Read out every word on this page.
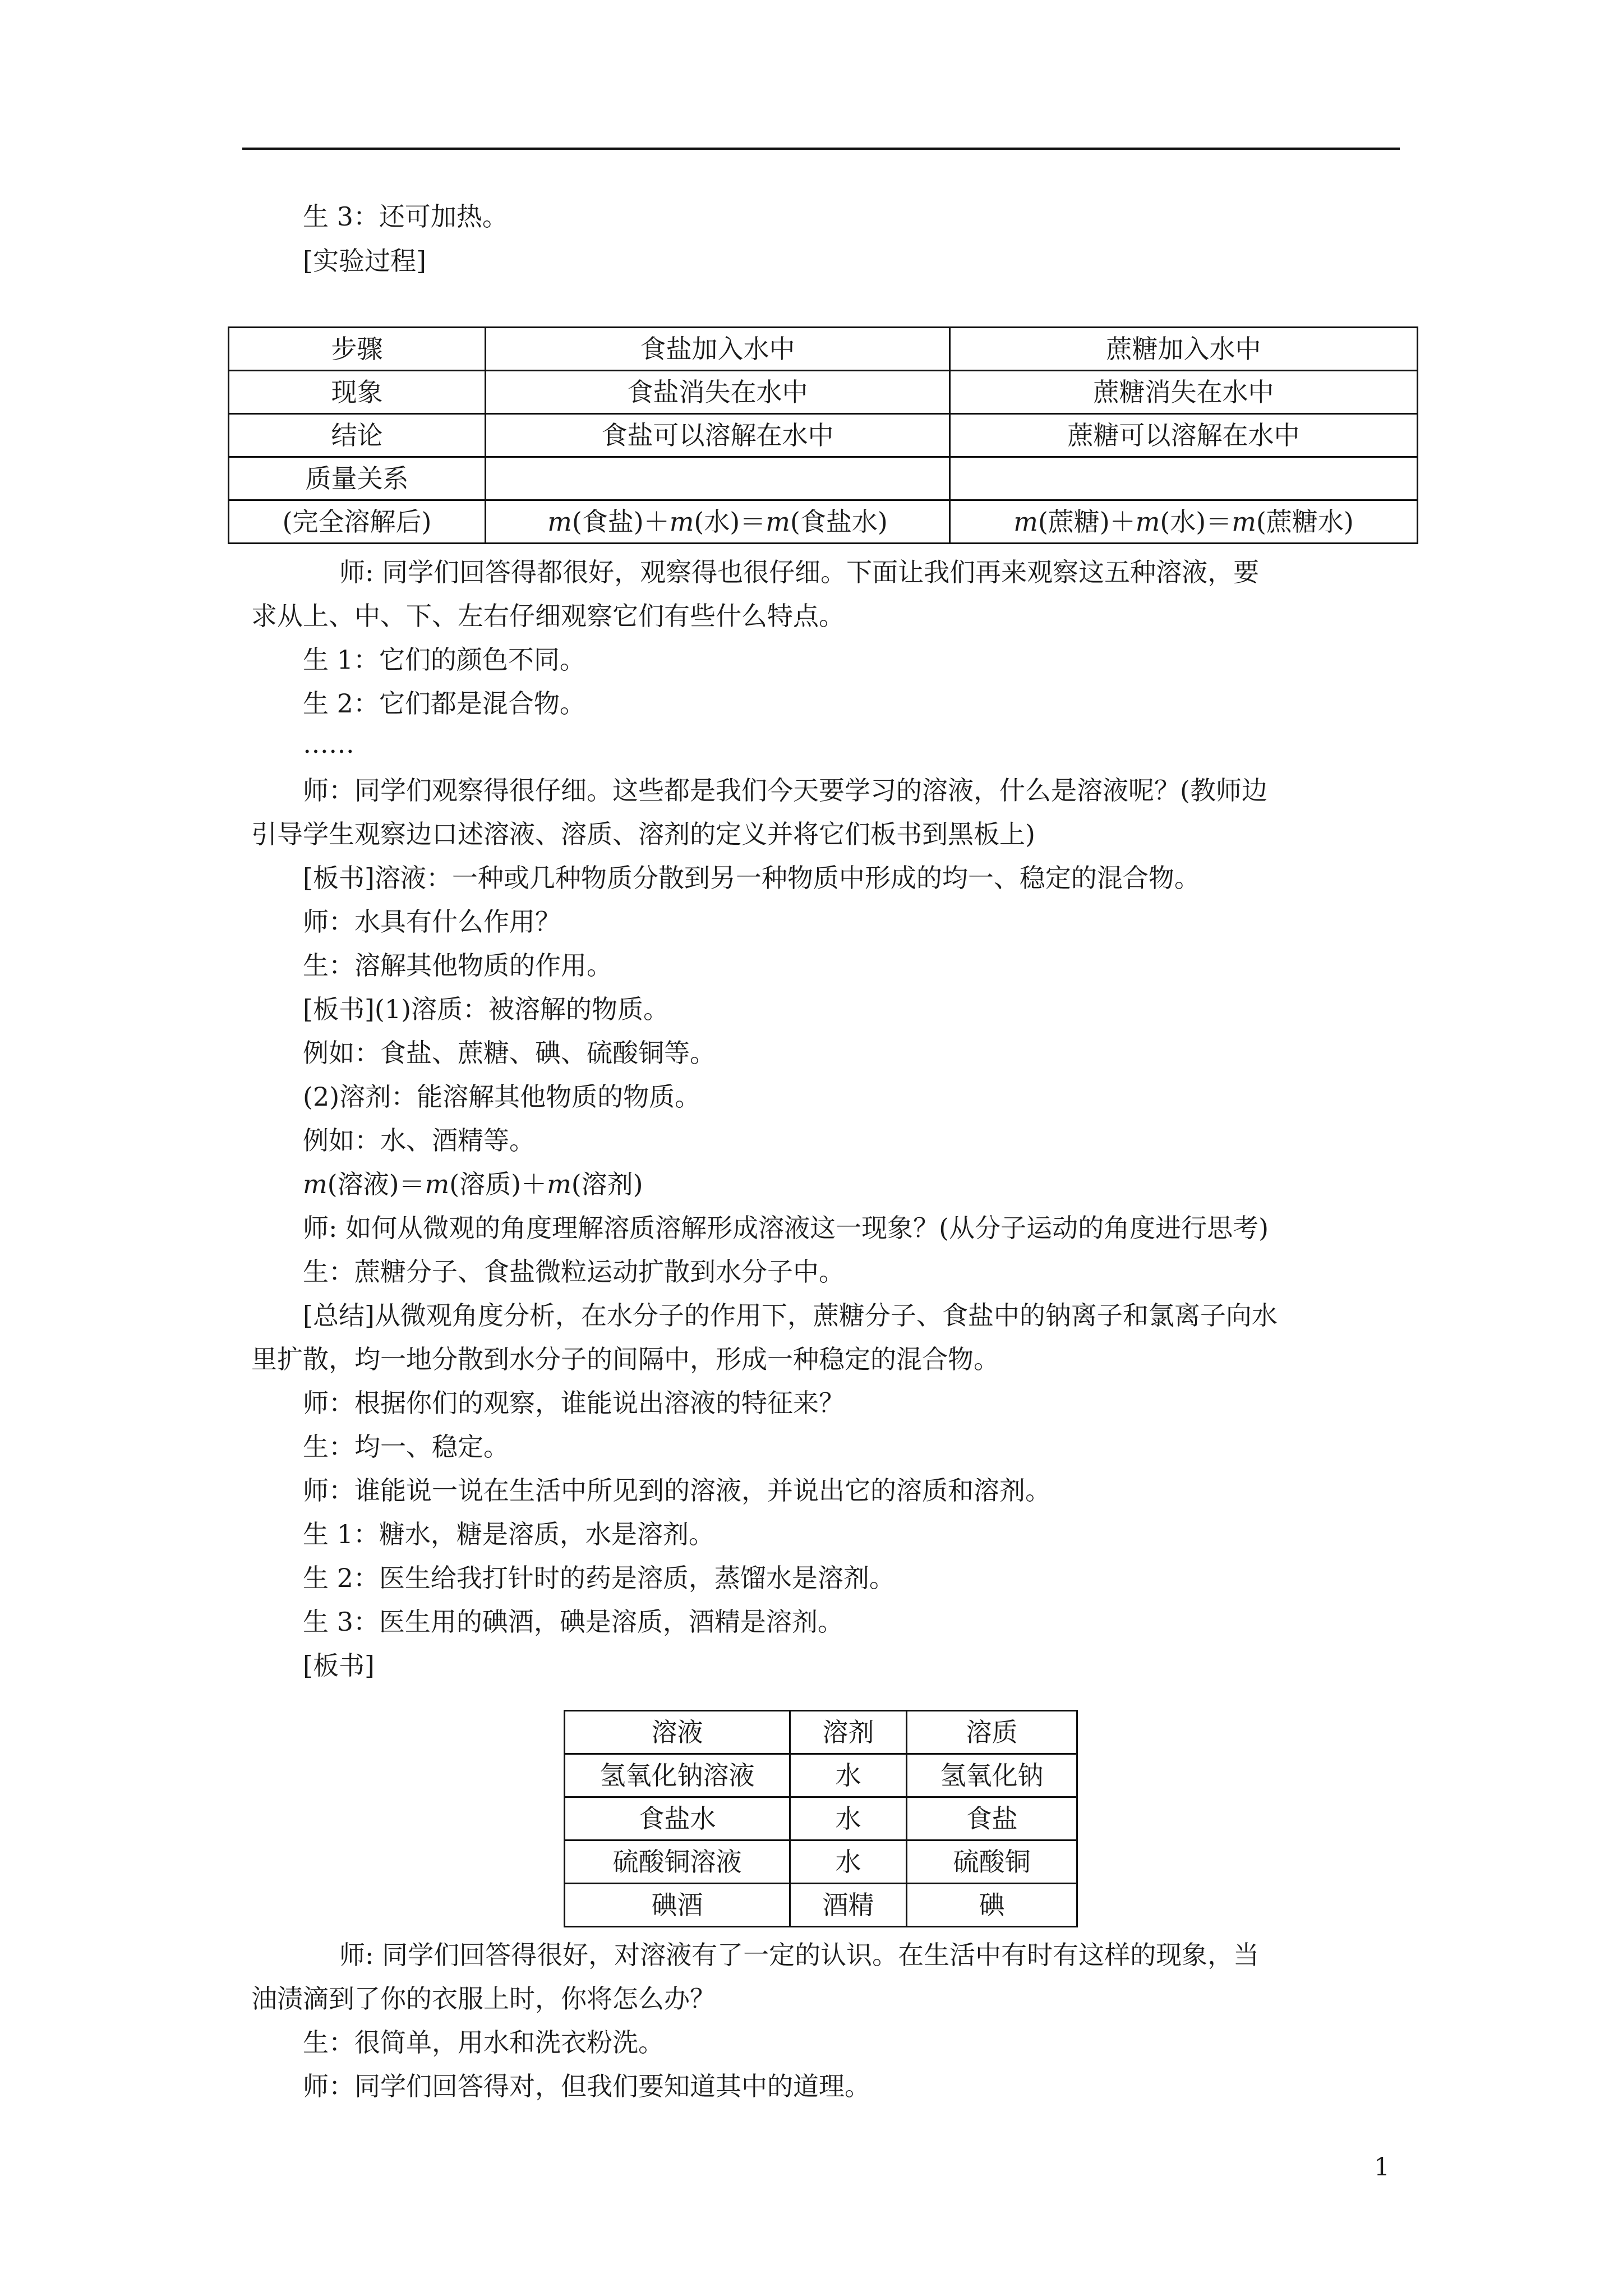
生 3：还可加热。
[实验过程]
步骤	食盐加入水中	蔗糖加入水中
现象	食盐消失在水中	蔗糖消失在水中
结论	食盐可以溶解在水中	蔗糖可以溶解在水中
质量关系		
(完全溶解后)	m(食盐)＋m(水)＝m(食盐水)	m(蔗糖)＋m(水)＝m(蔗糖水)
师: 同学们回答得都很好，观察得也很仔细。下面让我们再来观察这五种溶液，要
求从上、中、下、左右仔细观察它们有些什么特点。
生 1：它们的颜色不同。
生 2：它们都是混合物。
……
师：同学们观察得很仔细。这些都是我们今天要学习的溶液，什么是溶液呢？(教师边
引导学生观察边口述溶液、溶质、溶剂的定义并将它们板书到黑板上)
[板书]溶液：一种或几种物质分散到另一种物质中形成的均一、稳定的混合物。
师：水具有什么作用？
生：溶解其他物质的作用。
[板书](1)溶质：被溶解的物质。
例如：食盐、蔗糖、碘、硫酸铜等。
(2)溶剂：能溶解其他物质的物质。
例如：水、酒精等。
m(溶液)＝m(溶质)＋m(溶剂)
师: 如何从微观的角度理解溶质溶解形成溶液这一现象？(从分子运动的角度进行思考)
生：蔗糖分子、食盐微粒运动扩散到水分子中。
[总结]从微观角度分析，在水分子的作用下，蔗糖分子、食盐中的钠离子和氯离子向水
里扩散，均一地分散到水分子的间隔中，形成一种稳定的混合物。
师：根据你们的观察，谁能说出溶液的特征来？
生：均一、稳定。
师：谁能说一说在生活中所见到的溶液，并说出它的溶质和溶剂。
生 1：糖水，糖是溶质，水是溶剂。
生 2：医生给我打针时的药是溶质，蒸馏水是溶剂。
生 3：医生用的碘酒，碘是溶质，酒精是溶剂。
[板书]
溶液	溶剂	溶质
氢氧化钠溶液	水	氢氧化钠
食盐水	水	食盐
硫酸铜溶液	水	硫酸铜
碘酒	酒精	碘
师: 同学们回答得很好，对溶液有了一定的认识。在生活中有时有这样的现象，当
油渍滴到了你的衣服上时，你将怎么办？
生：很简单，用水和洗衣粉洗。
师：同学们回答得对，但我们要知道其中的道理。
1
